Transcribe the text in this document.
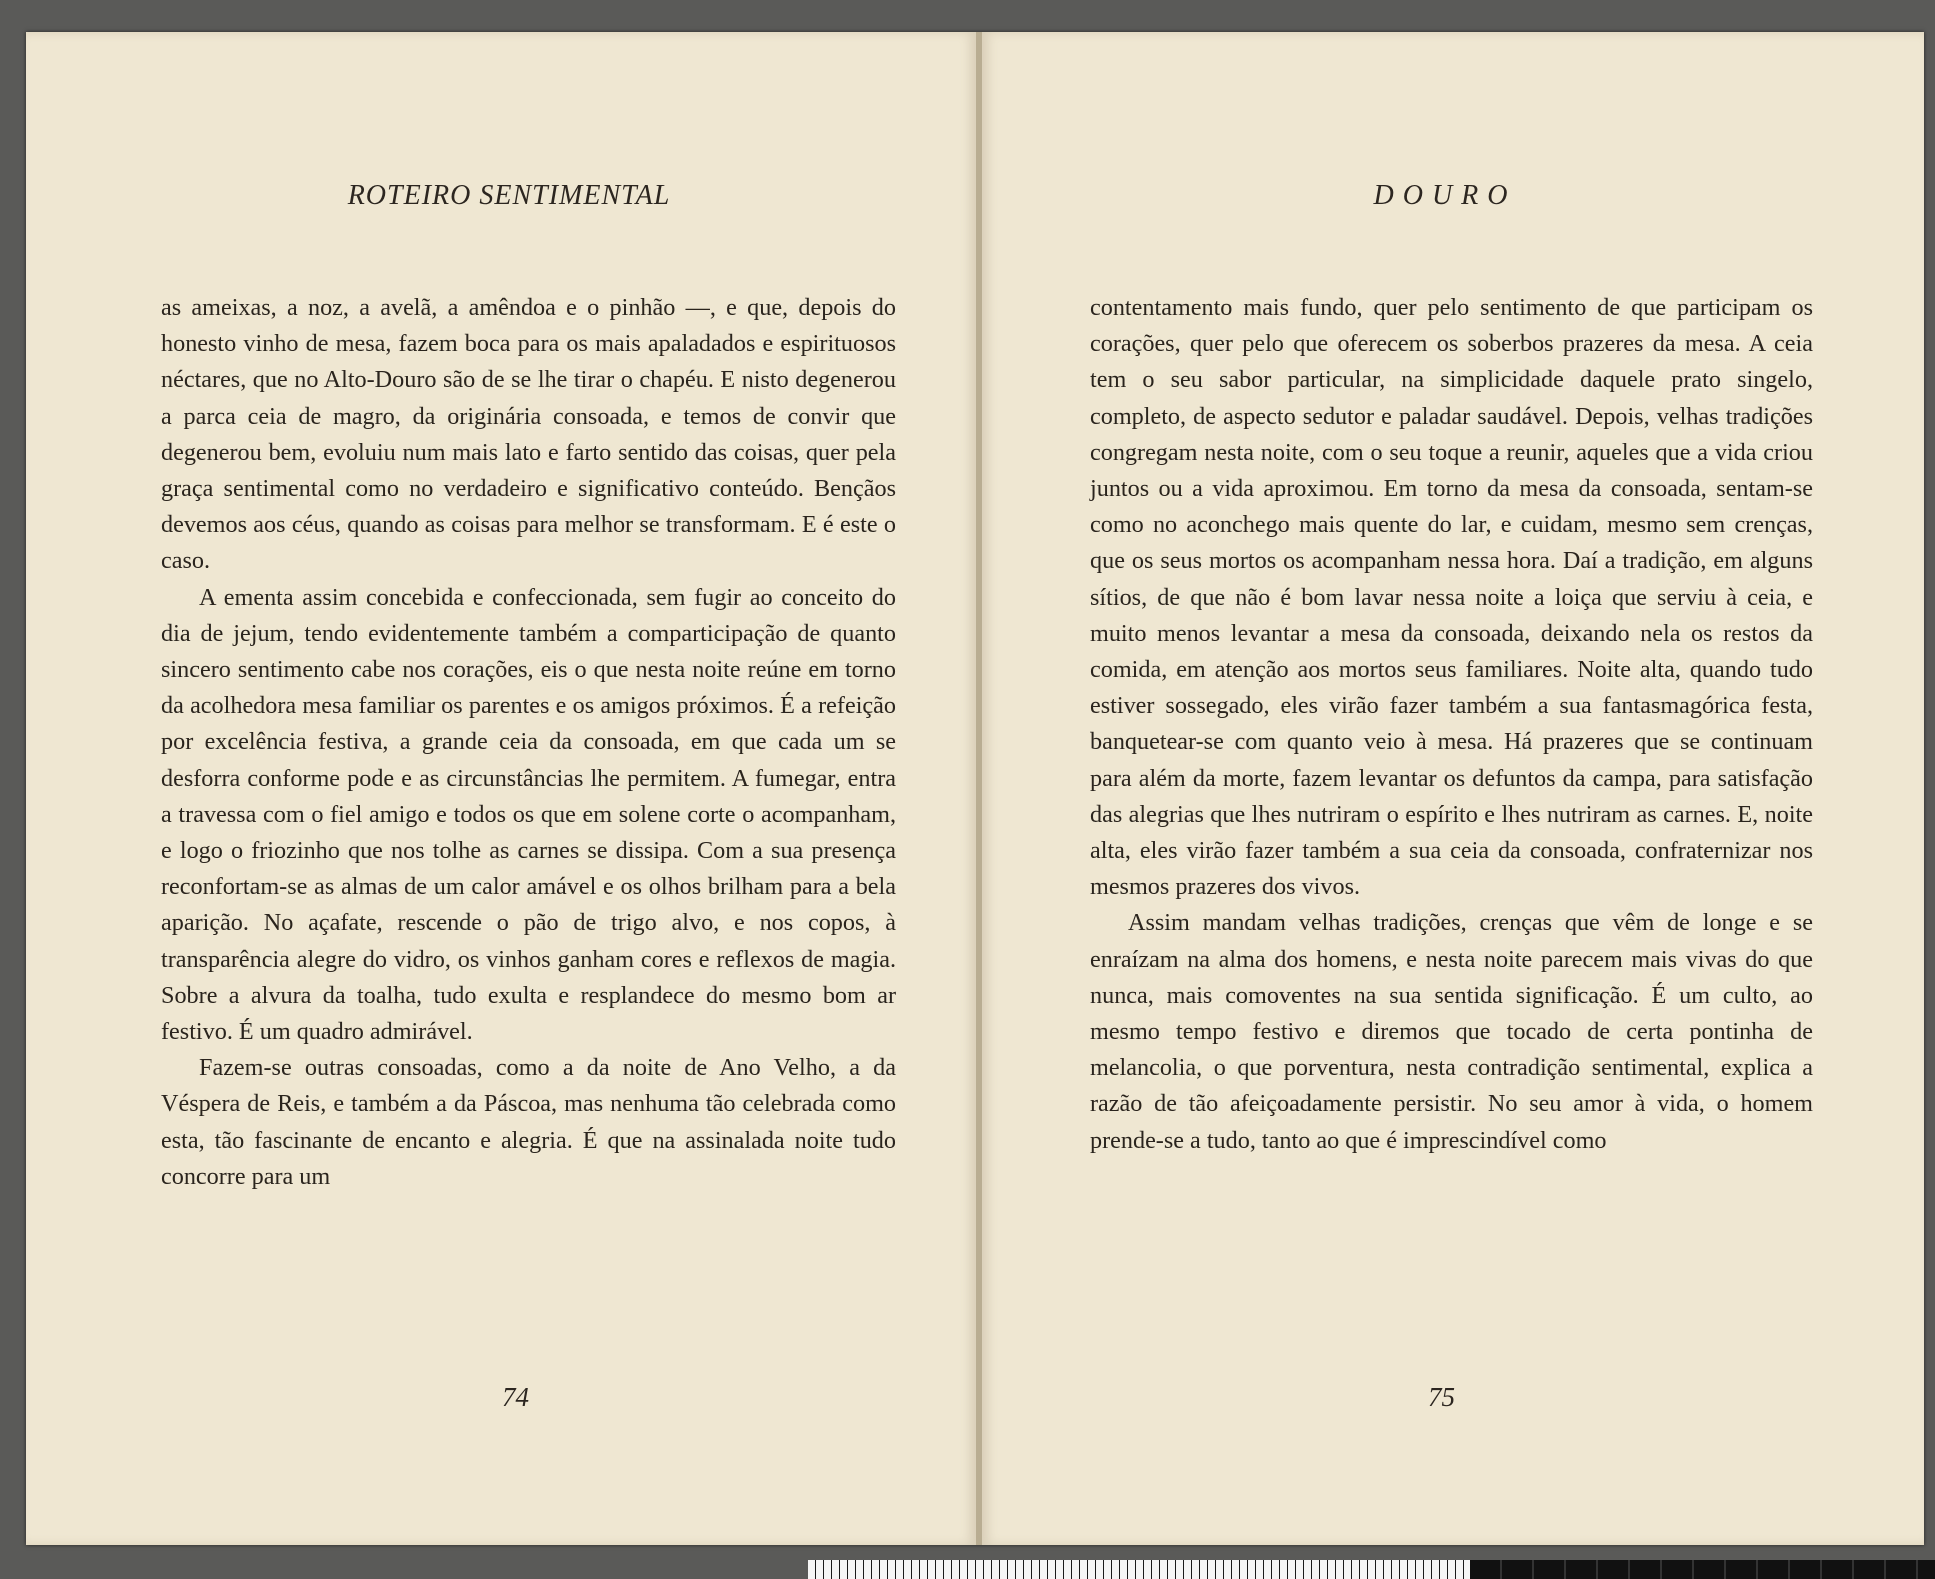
ROTEIRO SENTIMENTAL

as ameixas, a noz, a avelã, a amêndoa e o pinhão —, e que, depois do honesto vinho de mesa, fazem boca para os mais apaladados e espirituosos néctares, que no Alto-Douro são de se lhe tirar o chapéu. E nisto degenerou a parca ceia de magro, da originária consoada, e temos de convir que degenerou bem, evoluiu num mais lato e farto sentido das coisas, quer pela graça sentimental como no verdadeiro e significativo conteúdo. Bençãos devemos aos céus, quando as coisas para melhor se transformam. E é este o caso.

A ementa assim concebida e confeccionada, sem fugir ao conceito do dia de jejum, tendo evidentemente também a comparticipação de quanto sincero sentimento cabe nos corações, eis o que nesta noite reúne em torno da acolhedora mesa familiar os parentes e os amigos próximos. É a refeição por excelência festiva, a grande ceia da consoada, em que cada um se desforra conforme pode e as circunstâncias lhe permitem. A fumegar, entra a travessa com o fiel amigo e todos os que em solene corte o acompanham, e logo o friozinho que nos tolhe as carnes se dissipa. Com a sua presença reconfortam-se as almas de um calor amável e os olhos brilham para a bela aparição. No açafate, rescende o pão de trigo alvo, e nos copos, à transparência alegre do vidro, os vinhos ganham cores e reflexos de magia. Sobre a alvura da toalha, tudo exulta e resplandece do mesmo bom ar festivo. É um quadro admirável.

Fazem-se outras consoadas, como a da noite de Ano Velho, a da Véspera de Reis, e também a da Páscoa, mas nenhuma tão celebrada como esta, tão fascinante de encanto e alegria. É que na assinalada noite tudo concorre para um

74
DOURO

contentamento mais fundo, quer pelo sentimento de que participam os corações, quer pelo que oferecem os soberbos prazeres da mesa. A ceia tem o seu sabor particular, na simplicidade daquele prato singelo, completo, de aspecto sedutor e paladar saudável. Depois, velhas tradições congregam nesta noite, com o seu toque a reunir, aqueles que a vida criou juntos ou a vida aproximou. Em torno da mesa da consoada, sentam-se como no aconchego mais quente do lar, e cuidam, mesmo sem crenças, que os seus mortos os acompanham nessa hora. Daí a tradição, em alguns sítios, de que não é bom lavar nessa noite a loiça que serviu à ceia, e muito menos levantar a mesa da consoada, deixando nela os restos da comida, em atenção aos mortos seus familiares. Noite alta, quando tudo estiver sossegado, eles virão fazer também a sua fantasmagórica festa, banquetear-se com quanto veio à mesa. Há prazeres que se continuam para além da morte, fazem levantar os defuntos da campa, para satisfação das alegrias que lhes nutriram o espírito e lhes nutriram as carnes. E, noite alta, eles virão fazer também a sua ceia da consoada, confraternizar nos mesmos prazeres dos vivos.

Assim mandam velhas tradições, crenças que vêm de longe e se enraízam na alma dos homens, e nesta noite parecem mais vivas do que nunca, mais comoventes na sua sentida significação. É um culto, ao mesmo tempo festivo e diremos que tocado de certa pontinha de melancolia, o que porventura, nesta contradição sentimental, explica a razão de tão afeiçoadamente persistir. No seu amor à vida, o homem prende-se a tudo, tanto ao que é imprescindível como

75
